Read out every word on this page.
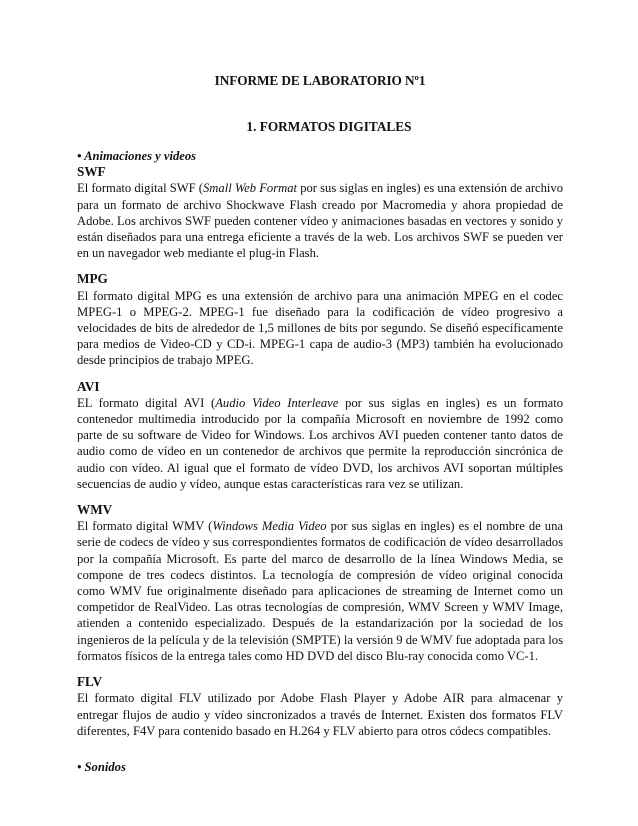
INFORME DE LABORATORIO Nº1
1. FORMATOS DIGITALES

• Animaciones y videos

SWF

El formato digital SWF (Small Web Format por sus siglas en ingles) es una extensión de archivo para un formato de archivo Shockwave Flash creado por Macromedia y ahora propiedad de Adobe. Los archivos SWF pueden contener vídeo y animaciones basadas en vectores y sonido y están diseñados para una entrega eficiente a través de la web. Los archivos SWF se pueden ver en un navegador web mediante el plug-in Flash.

MPG

El formato digital MPG es una extensión de archivo para una animación MPEG en el codec MPEG-1 o MPEG-2. MPEG-1 fue diseñado para la codificación de vídeo progresivo a velocidades de bits de alrededor de 1,5 millones de bits por segundo. Se diseñó específicamente para medios de Video-CD y CD-i. MPEG-1 capa de audio-3 (MP3) también ha evolucionado desde principios de trabajo MPEG.

AVI

EL formato digital AVI (Audio Video Interleave por sus siglas en ingles) es un formato contenedor multimedia introducido por la compañía Microsoft en noviembre de 1992 como parte de su software de Video for Windows. Los archivos AVI pueden contener tanto datos de audio como de vídeo en un contenedor de archivos que permite la reproducción sincrónica de audio con vídeo. Al igual que el formato de vídeo DVD, los archivos AVI soportan múltiples secuencias de audio y vídeo, aunque estas características rara vez se utilizan.

WMV

El formato digital WMV (Windows Media Video por sus siglas en ingles) es el nombre de una serie de codecs de vídeo y sus correspondientes formatos de codificación de vídeo desarrollados por la compañía Microsoft. Es parte del marco de desarrollo de la línea Windows Media, se compone de tres codecs distintos. La tecnología de compresión de vídeo original conocida como WMV fue originalmente diseñado para aplicaciones de streaming de Internet como un competidor de RealVideo. Las otras tecnologías de compresión, WMV Screen y WMV Image, atienden a contenido especializado. Después de la estandarización por la sociedad de los ingenieros de la película y de la televisión (SMPTE) la versión 9 de WMV fue adoptada para los formatos físicos de la entrega tales como HD DVD del disco Blu-ray conocida como VC-1.

FLV

El formato digital FLV utilizado por Adobe Flash Player y Adobe AIR para almacenar y entregar flujos de audio y vídeo sincronizados a través de Internet. Existen dos formatos FLV diferentes, F4V para contenido basado en H.264 y FLV abierto para otros códecs compatibles.

• Sonidos
